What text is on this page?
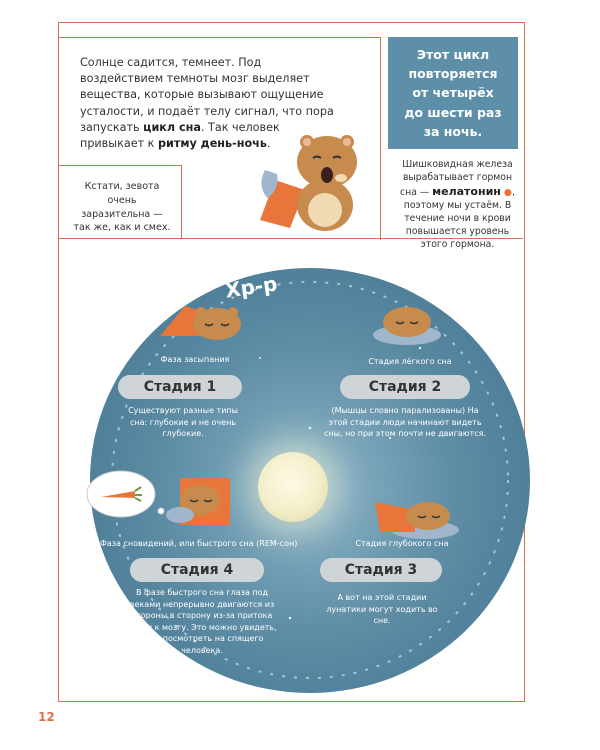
Солнце садится, темнеет. Под воздействием темноты мозг выделяет вещества, которые вызывают ощущение усталости, и подаёт телу сигнал, что пора запускать цикл сна. Так человек привыкает к ритму день-ночь.
Этот цикл повторяется от четырёх до шести раз за ночь.
Кстати, зевота очень заразительна — так же, как и смех.
Шишковидная железа вырабатывает гормон сна — мелатонин ●, поэтому мы устаём. В течение ночи в крови повышается уровень этого гормона.
Хр-р
Фаза засыпания
Стадия 1
Существуют разные типы сна: глубокие и не очень глубокие.
Стадия лёгкого сна
Стадия 2
(Мышцы словно парализованы) На этой стадии люди начинают видеть сны, но при этом почти не двигаются.
Фаза сновидений, или быстрого сна (REM-сон)
Стадия 4
В фазе быстрого сна глаза под веками непрерывно двигаются из стороны в сторону из-за притока крови к мозгу. Это можно увидеть, если посмотреть на спящего человека.
Стадия глубокого сна
Стадия 3
А вот на этой стадии лунатики могут ходить во сне.
12
